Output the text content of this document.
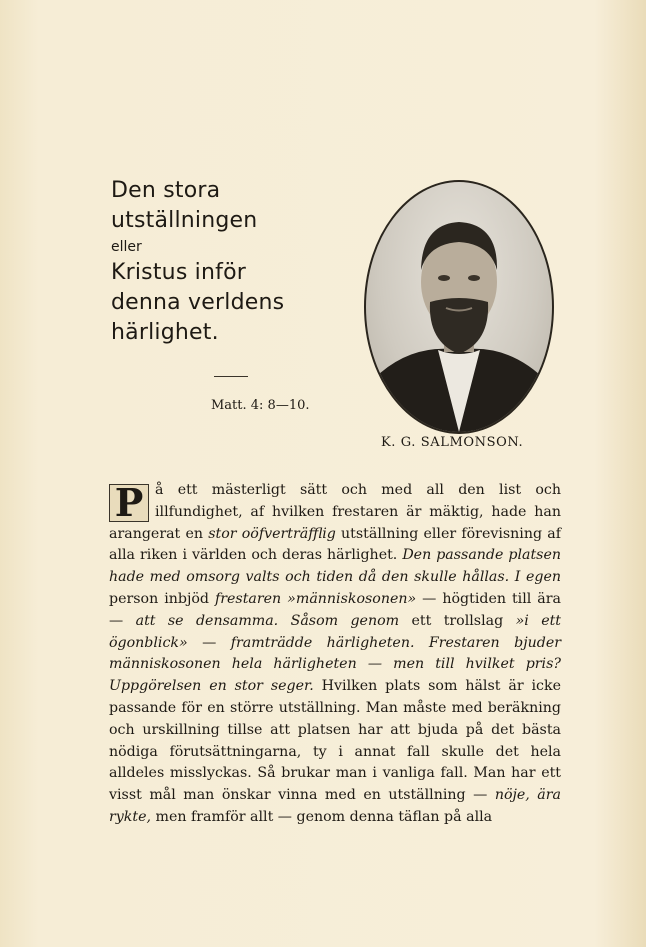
Den stora

utställningen

eller

Kristus inför

denna verldens

härlighet.

Matt. 4: 8—10.
K. G. SALMONSON.

P å ett mästerligt sätt och med all den list och illfundighet, af hvilken frestaren är mäktig, hade han arangerat en stor oöfverträfflig utställning eller förevisning af alla riken i världen och deras härlighet. Den passande platsen hade med omsorg valts och tiden då den skulle hållas. I egen person inbjöd frestaren »människosonen» — högtiden till ära — att se densamma. Såsom genom ett trollslag »i ett ögonblick» — framträdde härligheten. Frestaren bjuder människosonen hela härligheten — men till hvilket pris? Uppgörelsen en stor seger. Hvilken plats som hälst är icke passande för en större utställning. Man måste med beräkning och urskillning tillse att platsen har att bjuda på det bästa nödiga förutsättningarna, ty i annat fall skulle det hela alldeles misslyckas. Så brukar man i vanliga fall. Man har ett visst mål man önskar vinna med en utställning — nöje, ära rykte, men framför allt — genom denna täflan på alla
